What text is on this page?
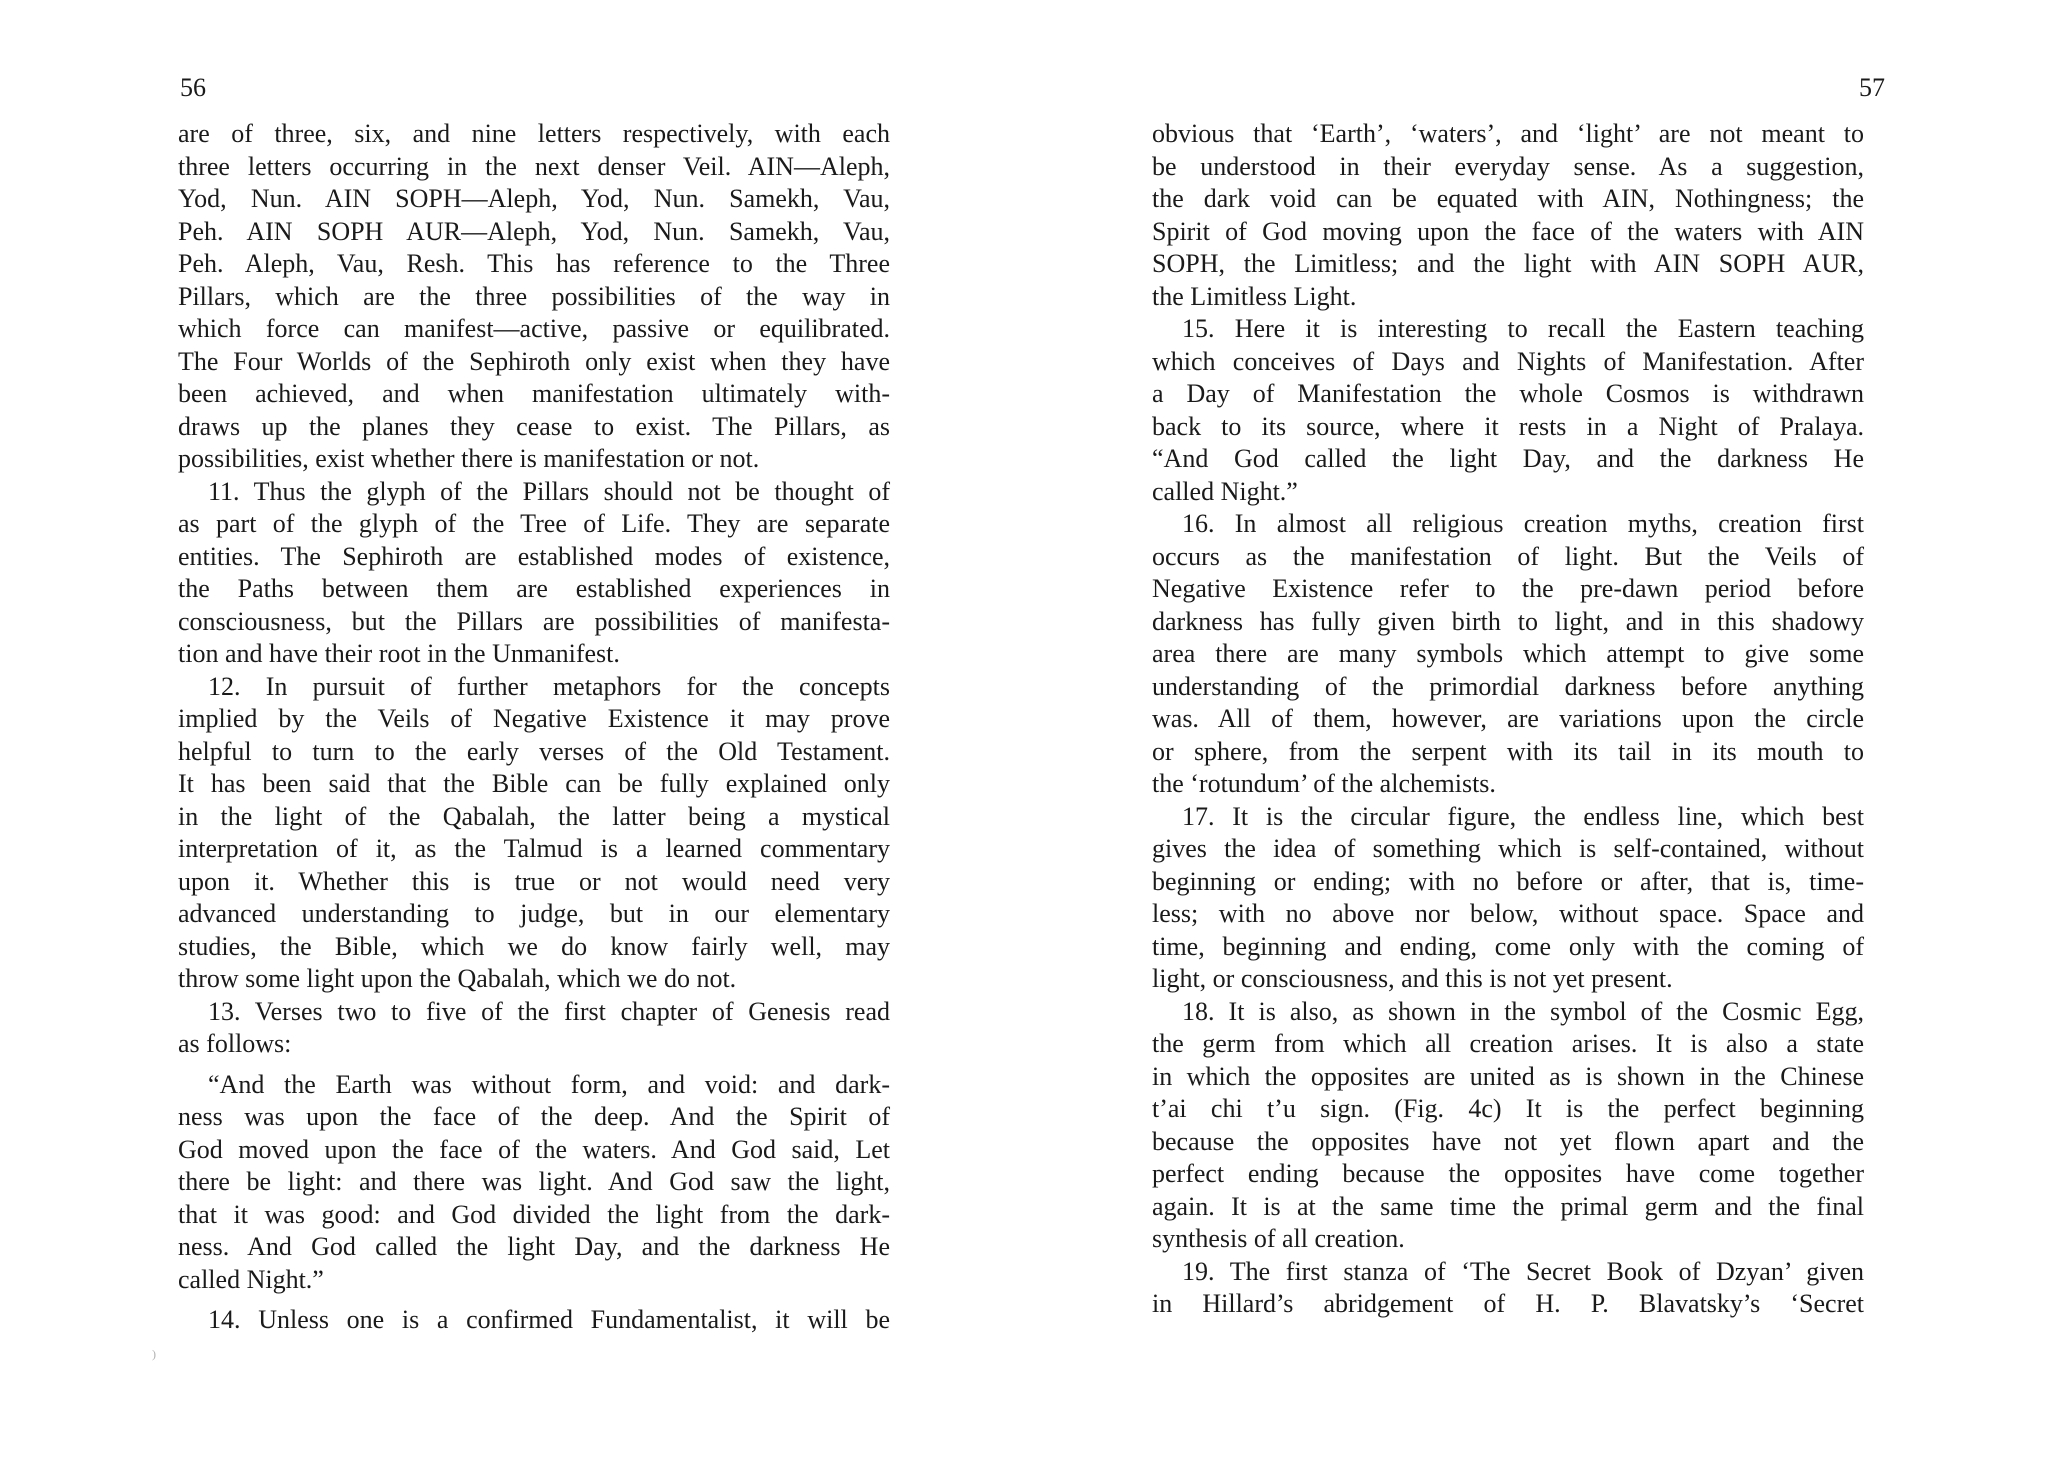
56
are of three, six, and nine letters respectively, with each
three letters occurring in the next denser Veil. AIN—Aleph,
Yod, Nun. AIN SOPH—Aleph, Yod, Nun. Samekh, Vau,
Peh. AIN SOPH AUR—Aleph, Yod, Nun. Samekh, Vau,
Peh. Aleph, Vau, Resh. This has reference to the Three
Pillars, which are the three possibilities of the way in
which force can manifest—active, passive or equilibrated.
The Four Worlds of the Sephiroth only exist when they have
been achieved, and when manifestation ultimately with-
draws up the planes they cease to exist. The Pillars, as
possibilities, exist whether there is manifestation or not.
11. Thus the glyph of the Pillars should not be thought of
as part of the glyph of the Tree of Life. They are separate
entities. The Sephiroth are established modes of existence,
the Paths between them are established experiences in
consciousness, but the Pillars are possibilities of manifesta-
tion and have their root in the Unmanifest.
12. In pursuit of further metaphors for the concepts
implied by the Veils of Negative Existence it may prove
helpful to turn to the early verses of the Old Testament.
It has been said that the Bible can be fully explained only
in the light of the Qabalah, the latter being a mystical
interpretation of it, as the Talmud is a learned commentary
upon it. Whether this is true or not would need very
advanced understanding to judge, but in our elementary
studies, the Bible, which we do know fairly well, may
throw some light upon the Qabalah, which we do not.
13. Verses two to five of the first chapter of Genesis read
as follows:
“And the Earth was without form, and void: and dark-
ness was upon the face of the deep. And the Spirit of
God moved upon the face of the waters. And God said, Let
there be light: and there was light. And God saw the light,
that it was good: and God divided the light from the dark-
ness. And God called the light Day, and the darkness He
called Night.”
14. Unless one is a confirmed Fundamentalist, it will be
)
57
obvious that ‘Earth’, ‘waters’, and ‘light’ are not meant to
be understood in their everyday sense. As a suggestion,
the dark void can be equated with AIN, Nothingness; the
Spirit of God moving upon the face of the waters with AIN
SOPH, the Limitless; and the light with AIN SOPH AUR,
the Limitless Light.
15. Here it is interesting to recall the Eastern teaching
which conceives of Days and Nights of Manifestation. After
a Day of Manifestation the whole Cosmos is withdrawn
back to its source, where it rests in a Night of Pralaya.
“And God called the light Day, and the darkness He
called Night.”
16. In almost all religious creation myths, creation first
occurs as the manifestation of light. But the Veils of
Negative Existence refer to the pre-dawn period before
darkness has fully given birth to light, and in this shadowy
area there are many symbols which attempt to give some
understanding of the primordial darkness before anything
was. All of them, however, are variations upon the circle
or sphere, from the serpent with its tail in its mouth to
the ‘rotundum’ of the alchemists.
17. It is the circular figure, the endless line, which best
gives the idea of something which is self-contained, without
beginning or ending; with no before or after, that is, time-
less; with no above nor below, without space. Space and
time, beginning and ending, come only with the coming of
light, or consciousness, and this is not yet present.
18. It is also, as shown in the symbol of the Cosmic Egg,
the germ from which all creation arises. It is also a state
in which the opposites are united as is shown in the Chinese
t’ai chi t’u sign. (Fig. 4c) It is the perfect beginning
because the opposites have not yet flown apart and the
perfect ending because the opposites have come together
again. It is at the same time the primal germ and the final
synthesis of all creation.
19. The first stanza of ‘The Secret Book of Dzyan’ given
in Hillard’s abridgement of H. P. Blavatsky’s ‘Secret
